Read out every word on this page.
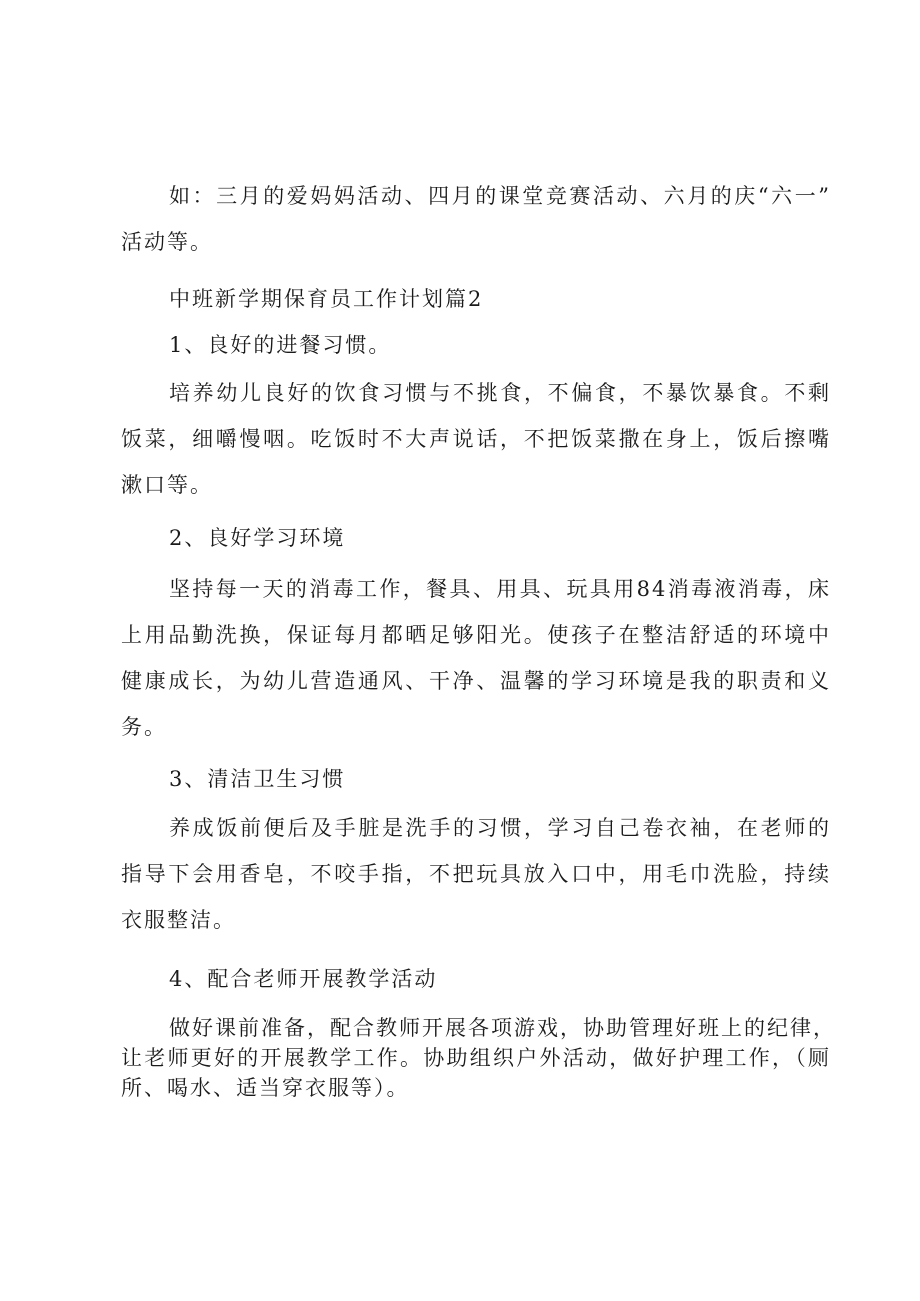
如：三月的爱妈妈活动、四月的课堂竞赛活动、六月的庆“六一”
活动等。

中班新学期保育员工作计划篇2

1、良好的进餐习惯。

培养幼儿良好的饮食习惯与不挑食，不偏食，不暴饮暴食。不剩
饭菜，细嚼慢咽。吃饭时不大声说话，不把饭菜撒在身上，饭后擦嘴
漱口等。

2、良好学习环境

坚持每一天的消毒工作，餐具、用具、玩具用84消毒液消毒，床
上用品勤洗换，保证每月都晒足够阳光。使孩子在整洁舒适的环境中
健康成长，为幼儿营造通风、干净、温馨的学习环境是我的职责和义
务。

3、清洁卫生习惯

养成饭前便后及手脏是洗手的习惯，学习自己卷衣袖，在老师的
指导下会用香皂，不咬手指，不把玩具放入口中，用毛巾洗脸，持续
衣服整洁。

4、配合老师开展教学活动

做好课前准备，配合教师开展各项游戏，协助管理好班上的纪律，
让老师更好的开展教学工作。协助组织户外活动，做好护理工作，（厕
所、喝水、适当穿衣服等）。
